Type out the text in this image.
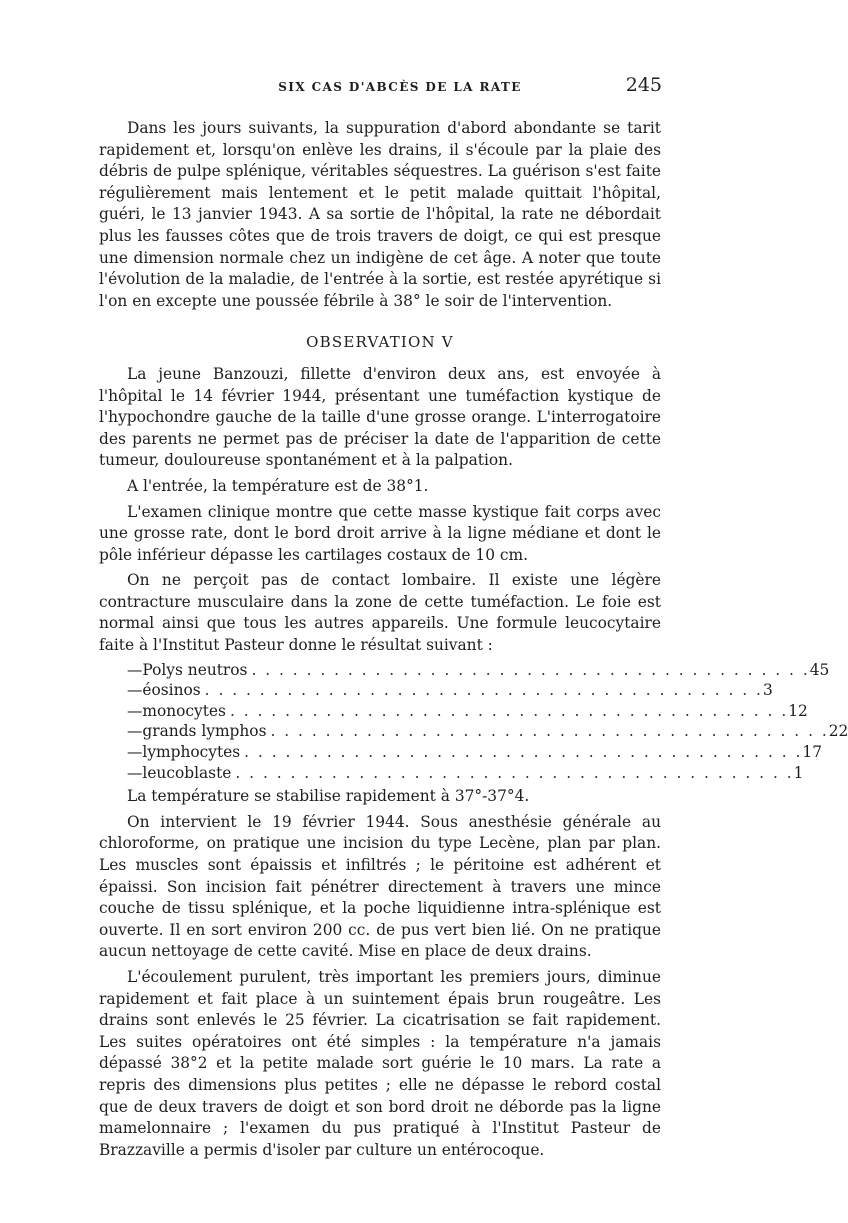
SIX CAS D'ABCÈS DE LA RATE	245

Dans les jours suivants, la suppuration d'abord abondante se tarit rapidement et, lorsqu'on enlève les drains, il s'écoule par la plaie des débris de pulpe splénique, véritables séquestres. La guérison s'est faite régulièrement mais lentement et le petit malade quittait l'hôpital, guéri, le 13 janvier 1943. A sa sortie de l'hôpital, la rate ne débordait plus les fausses côtes que de trois travers de doigt, ce qui est presque une dimension normale chez un indigène de cet âge. A noter que toute l'évolution de la maladie, de l'entrée à la sortie, est restée apyrétique si l'on en excepte une poussée fébrile à 38° le soir de l'intervention.

OBSERVATION V

La jeune Banzouzi, fillette d'environ deux ans, est envoyée à l'hôpital le 14 février 1944, présentant une tuméfaction kystique de l'hypochondre gauche de la taille d'une grosse orange. L'interrogatoire des parents ne permet pas de préciser la date de l'apparition de cette tumeur, douloureuse spontanément et à la palpation.

A l'entrée, la température est de 38°1.

L'examen clinique montre que cette masse kystique fait corps avec une grosse rate, dont le bord droit arrive à la ligne médiane et dont le pôle inférieur dépasse les cartilages costaux de 10 cm.

On ne perçoit pas de contact lombaire. Il existe une légère contracture musculaire dans la zone de cette tuméfaction. Le foie est normal ainsi que tous les autres appareils. Une formule leucocytaire faite à l'Institut Pasteur donne le résultat suivant :

— Polys neutros . . . . . . . . . . . . . . . . . . . . . . . . . . . . . . . . . . . . . . . . . 45
— éosinos . . . . . . . . . . . . . . . . . . . . . . . . . . . . . . . . . . . . . . . . . 3
— monocytes . . . . . . . . . . . . . . . . . . . . . . . . . . . . . . . . . . . . . . . . . 12
— grands lymphos . . . . . . . . . . . . . . . . . . . . . . . . . . . . . . . . . . . . . . . . . 22
— lymphocytes . . . . . . . . . . . . . . . . . . . . . . . . . . . . . . . . . . . . . . . . . 17
— leucoblaste . . . . . . . . . . . . . . . . . . . . . . . . . . . . . . . . . . . . . . . . . 1

La température se stabilise rapidement à 37°-37°4.

On intervient le 19 février 1944. Sous anesthésie générale au chloroforme, on pratique une incision du type Lecène, plan par plan. Les muscles sont épaissis et infiltrés ; le péritoine est adhérent et épaissi. Son incision fait pénétrer directement à travers une mince couche de tissu splénique, et la poche liquidienne intra-splénique est ouverte. Il en sort environ 200 cc. de pus vert bien lié. On ne pratique aucun nettoyage de cette cavité. Mise en place de deux drains.

L'écoulement purulent, très important les premiers jours, diminue rapidement et fait place à un suintement épais brun rougeâtre. Les drains sont enlevés le 25 février. La cicatrisation se fait rapidement. Les suites opératoires ont été simples : la température n'a jamais dépassé 38°2 et la petite malade sort guérie le 10 mars. La rate a repris des dimensions plus petites ; elle ne dépasse le rebord costal que de deux travers de doigt et son bord droit ne déborde pas la ligne mamelonnaire ; l'examen du pus pratiqué à l'Institut Pasteur de Brazzaville a permis d'isoler par culture un entérocoque.
